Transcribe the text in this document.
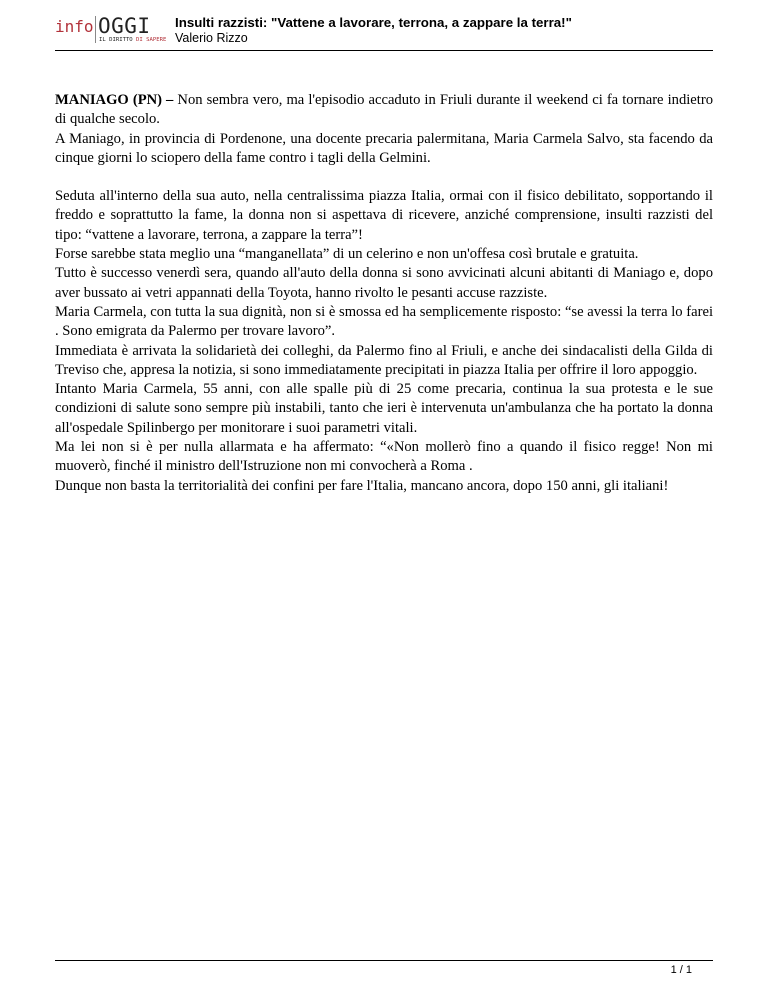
info OGGI
IL DIRITTO DI SAPERE
Insulti razzisti: "Vattene a lavorare, terrona, a zappare la terra!"
Valerio Rizzo

MANIAGO (PN) – Non sembra vero, ma l'episodio accaduto in Friuli durante il weekend ci fa tornare indietro di qualche secolo.

A Maniago, in provincia di Pordenone, una docente precaria palermitana, Maria Carmela Salvo, sta facendo da cinque giorni lo sciopero della fame contro i tagli della Gelmini.

Seduta all'interno della sua auto, nella centralissima piazza Italia, ormai con il fisico debilitato, sopportando il freddo e soprattutto la fame, la donna non si aspettava di ricevere, anziché comprensione, insulti razzisti del tipo: “vattene a lavorare, terrona, a zappare la terra”!

Forse sarebbe stata meglio una “manganellata” di un celerino e non un'offesa così brutale e gratuita.

Tutto è successo venerdì sera, quando all'auto della donna si sono avvicinati alcuni abitanti di Maniago e, dopo aver bussato ai vetri appannati della Toyota, hanno rivolto le pesanti accuse razziste.

Maria Carmela, con tutta la sua dignità, non si è smossa ed ha semplicemente risposto: “se avessi la terra lo farei . Sono emigrata da Palermo per trovare lavoro”.

Immediata è arrivata la solidarietà dei colleghi, da Palermo fino al Friuli, e anche dei sindacalisti della Gilda di Treviso che, appresa la notizia, si sono immediatamente precipitati in piazza Italia per offrire il loro appoggio.

Intanto Maria Carmela, 55 anni, con alle spalle più di 25 come precaria, continua la sua protesta e le sue condizioni di salute sono sempre più instabili, tanto che ieri è intervenuta un'ambulanza che ha portato la donna all'ospedale Spilinbergo per monitorare i suoi parametri vitali.

Ma lei non si è per nulla allarmata e ha affermato: “«Non mollerò fino a quando il fisico regge! Non mi muoverò, finché il ministro dell'Istruzione non mi convocherà a Roma .

Dunque non basta la territorialità dei confini per fare l'Italia, mancano ancora, dopo 150 anni, gli italiani!

1 / 1
